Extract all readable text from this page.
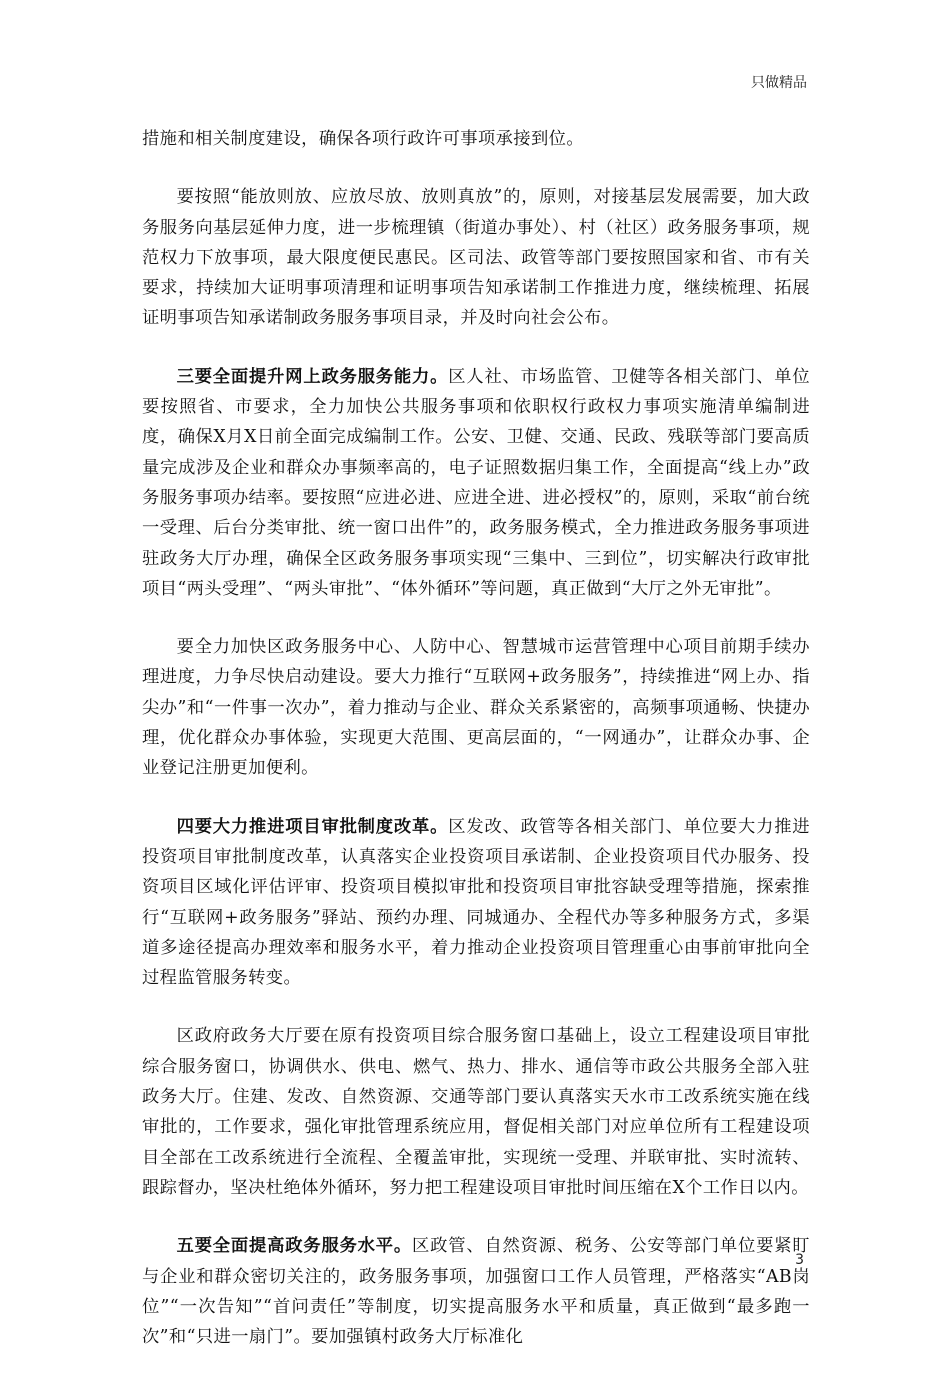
只做精品

措施和相关制度建设，确保各项行政许可事项承接到位。

要按照“能放则放、应放尽放、放则真放”的，原则，对接基层发展需要，加大政务服务向基层延伸力度，进一步梳理镇（街道办事处）、村（社区）政务服务事项，规范权力下放事项，最大限度便民惠民。区司法、政管等部门要按照国家和省、市有关要求，持续加大证明事项清理和证明事项告知承诺制工作推进力度，继续梳理、拓展证明事项告知承诺制政务服务事项目录，并及时向社会公布。

三要全面提升网上政务服务能力。区人社、市场监管、卫健等各相关部门、单位要按照省、市要求，全力加快公共服务事项和依职权行政权力事项实施清单编制进度，确保X月X日前全面完成编制工作。公安、卫健、交通、民政、残联等部门要高质量完成涉及企业和群众办事频率高的，电子证照数据归集工作，全面提高“线上办”政务服务事项办结率。要按照“应进必进、应进全进、进必授权”的，原则，采取“前台统一受理、后台分类审批、统一窗口出件”的，政务服务模式，全力推进政务服务事项进驻政务大厅办理，确保全区政务服务事项实现“三集中、三到位”，切实解决行政审批项目“两头受理”、“两头审批”、“体外循环”等问题，真正做到“大厅之外无审批”。

要全力加快区政务服务中心、人防中心、智慧城市运营管理中心项目前期手续办理进度，力争尽快启动建设。要大力推行“互联网+政务服务”，持续推进“网上办、指尖办”和“一件事一次办”，着力推动与企业、群众关系紧密的，高频事项通畅、快捷办理，优化群众办事体验，实现更大范围、更高层面的，“一网通办”，让群众办事、企业登记注册更加便利。

四要大力推进项目审批制度改革。区发改、政管等各相关部门、单位要大力推进投资项目审批制度改革，认真落实企业投资项目承诺制、企业投资项目代办服务、投资项目区域化评估评审、投资项目模拟审批和投资项目审批容缺受理等措施，探索推行“互联网+政务服务”驿站、预约办理、同城通办、全程代办等多种服务方式，多渠道多途径提高办理效率和服务水平，着力推动企业投资项目管理重心由事前审批向全过程监管服务转变。

区政府政务大厅要在原有投资项目综合服务窗口基础上，设立工程建设项目审批综合服务窗口，协调供水、供电、燃气、热力、排水、通信等市政公共服务全部入驻政务大厅。住建、发改、自然资源、交通等部门要认真落实天水市工改系统实施在线审批的，工作要求，强化审批管理系统应用，督促相关部门对应单位所有工程建设项目全部在工改系统进行全流程、全覆盖审批，实现统一受理、并联审批、实时流转、跟踪督办，坚决杜绝体外循环，努力把工程建设项目审批时间压缩在X个工作日以内。

五要全面提高政务服务水平。区政管、自然资源、税务、公安等部门单位要紧盯与企业和群众密切关注的，政务服务事项，加强窗口工作人员管理，严格落实“AB岗位”“一次告知”“首问责任”等制度，切实提高服务水平和质量，真正做到“最多跑一次”和“只进一扇门”。要加强镇村政务大厅标准化

3
